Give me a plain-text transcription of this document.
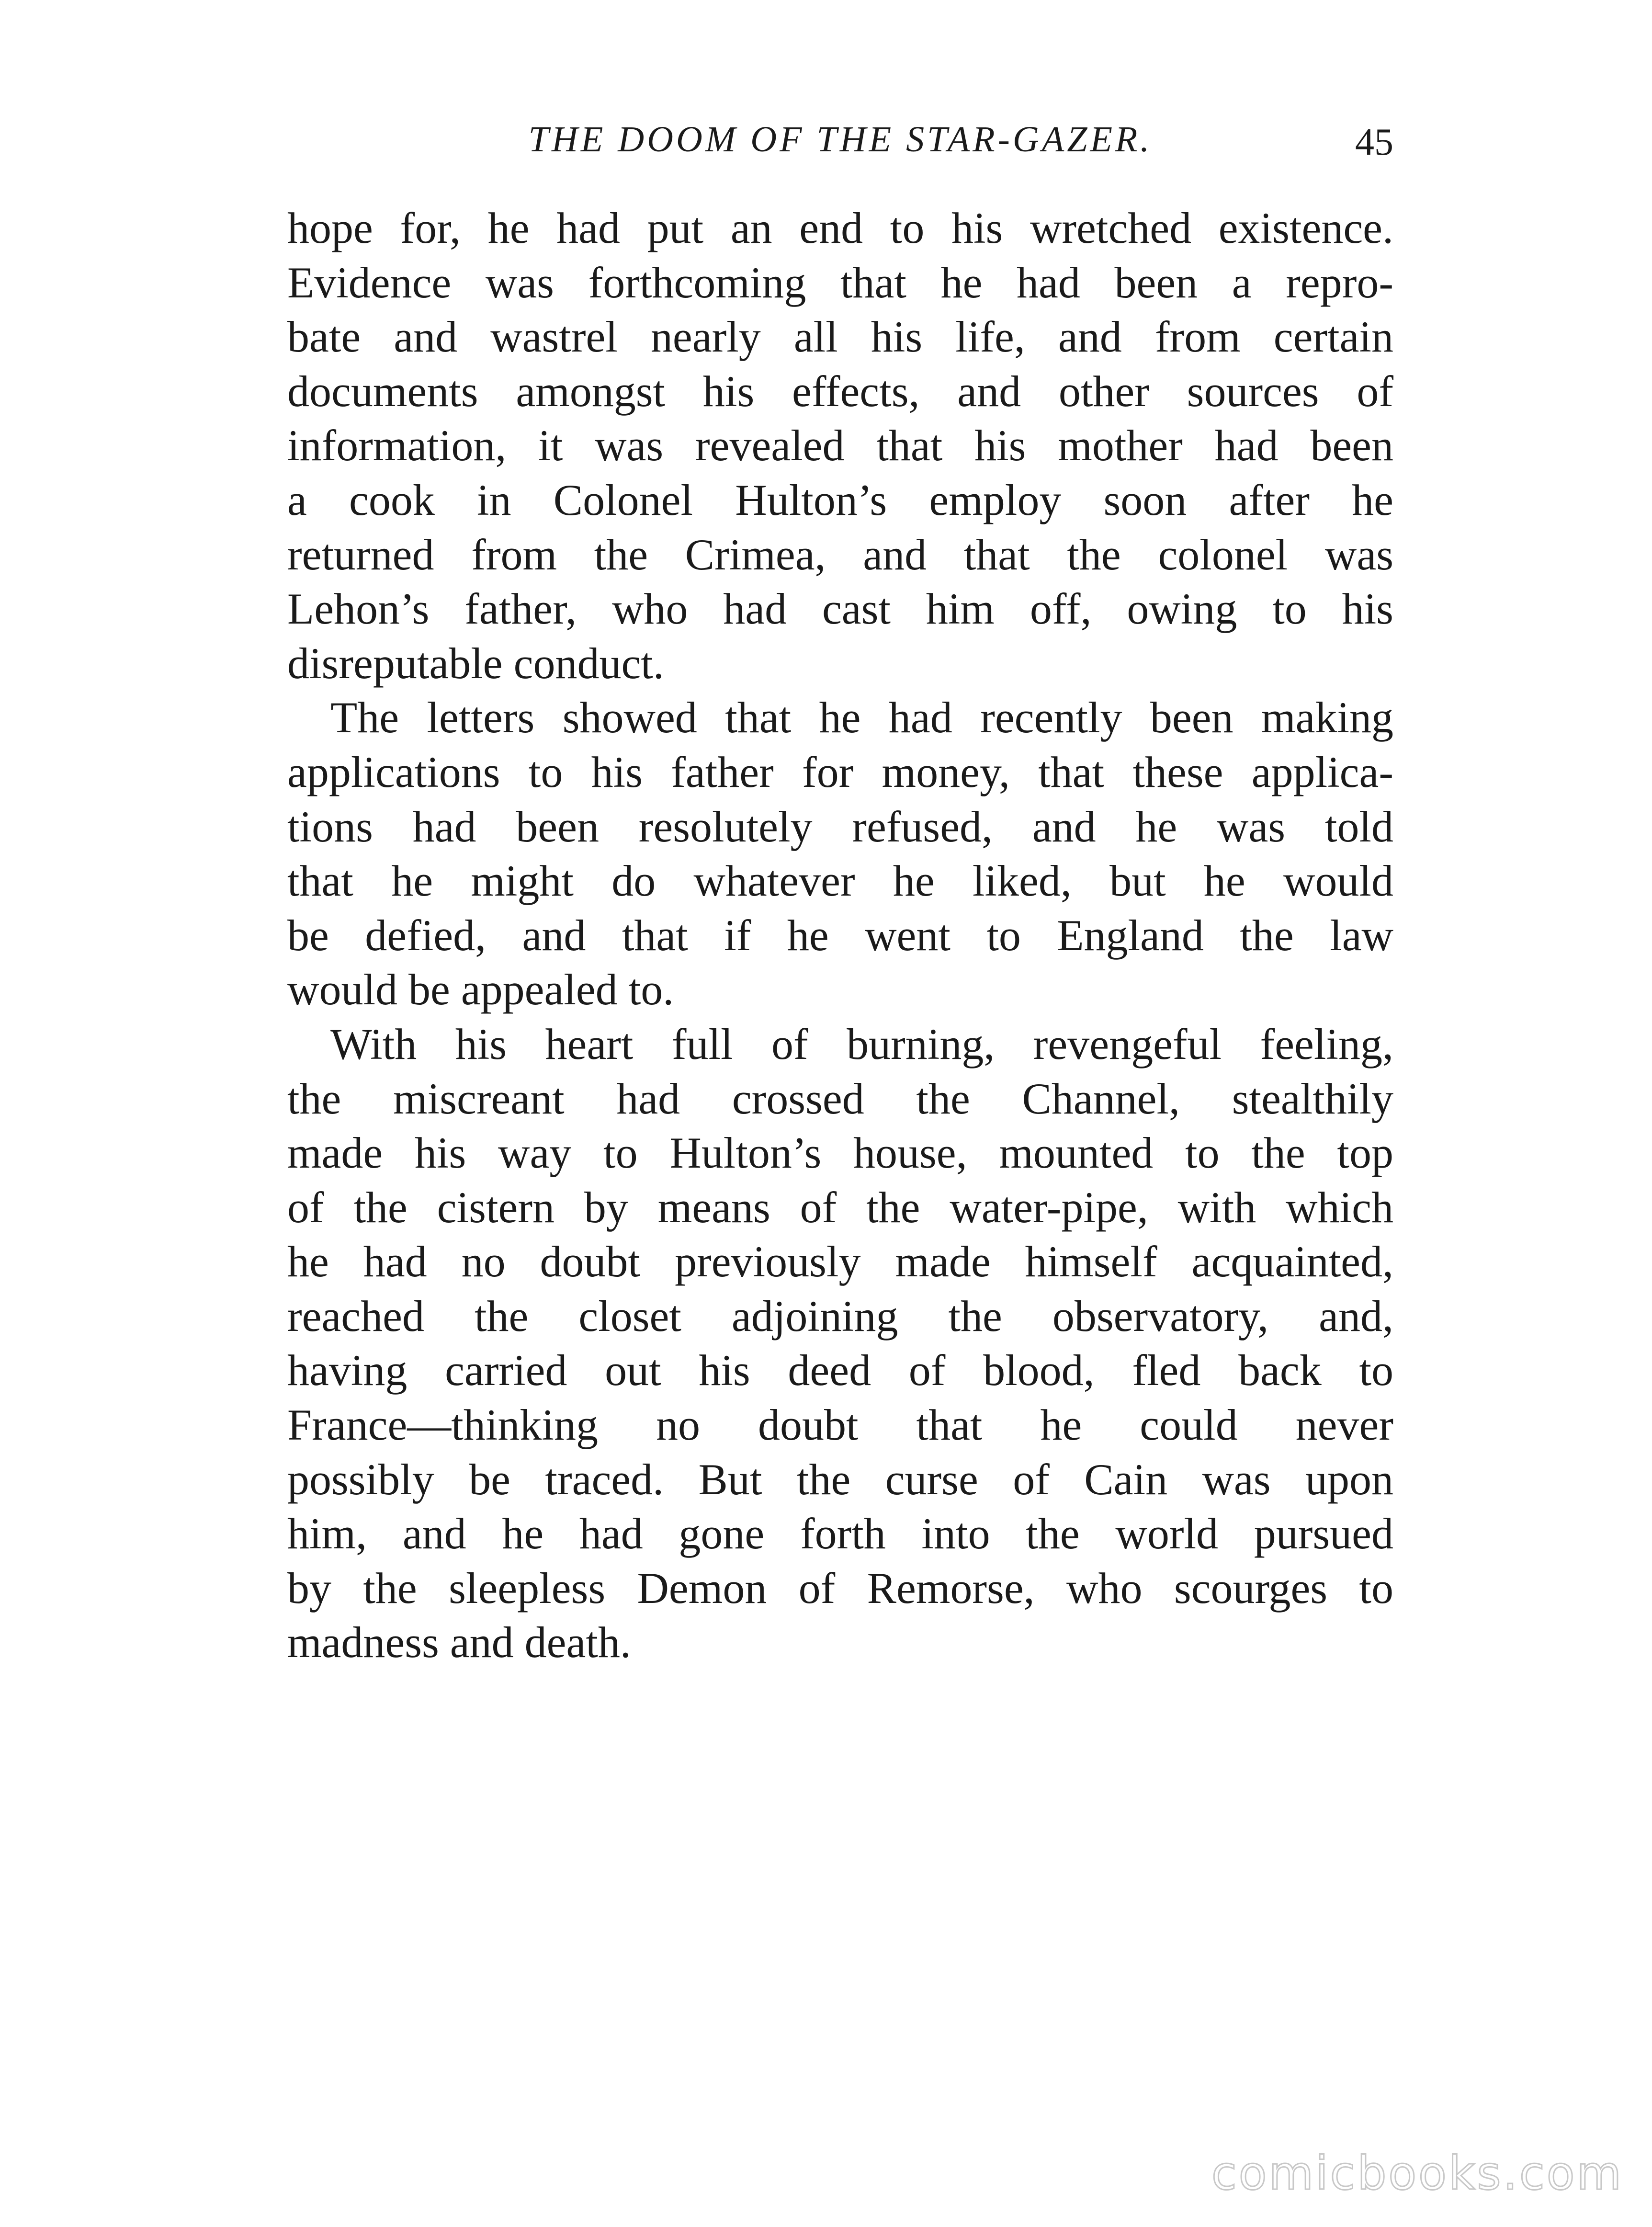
THE DOOM OF THE STAR-GAZER.	45
hope for, he had put an end to his wretched existence.
Evidence was forthcoming that he had been a repro-
bate and wastrel nearly all his life, and from certain
documents amongst his effects, and other sources of
information, it was revealed that his mother had been
a cook in Colonel Hulton’s employ soon after he
returned from the Crimea, and that the colonel was
Lehon’s father, who had cast him off, owing to his
disreputable conduct.
The letters showed that he had recently been making
applications to his father for money, that these applica-
tions had been resolutely refused, and he was told
that he might do whatever he liked, but he would
be defied, and that if he went to England the law
would be appealed to.
With his heart full of burning, revengeful feeling,
the miscreant had crossed the Channel, stealthily
made his way to Hulton’s house, mounted to the top
of the cistern by means of the water-pipe, with which
he had no doubt previously made himself acquainted,
reached the closet adjoining the observatory, and,
having carried out his deed of blood, fled back to
France—thinking no doubt that he could never
possibly be traced. But the curse of Cain was upon
him, and he had gone forth into the world pursued
by the sleepless Demon of Remorse, who scourges to
madness and death.
comicbooks.com
